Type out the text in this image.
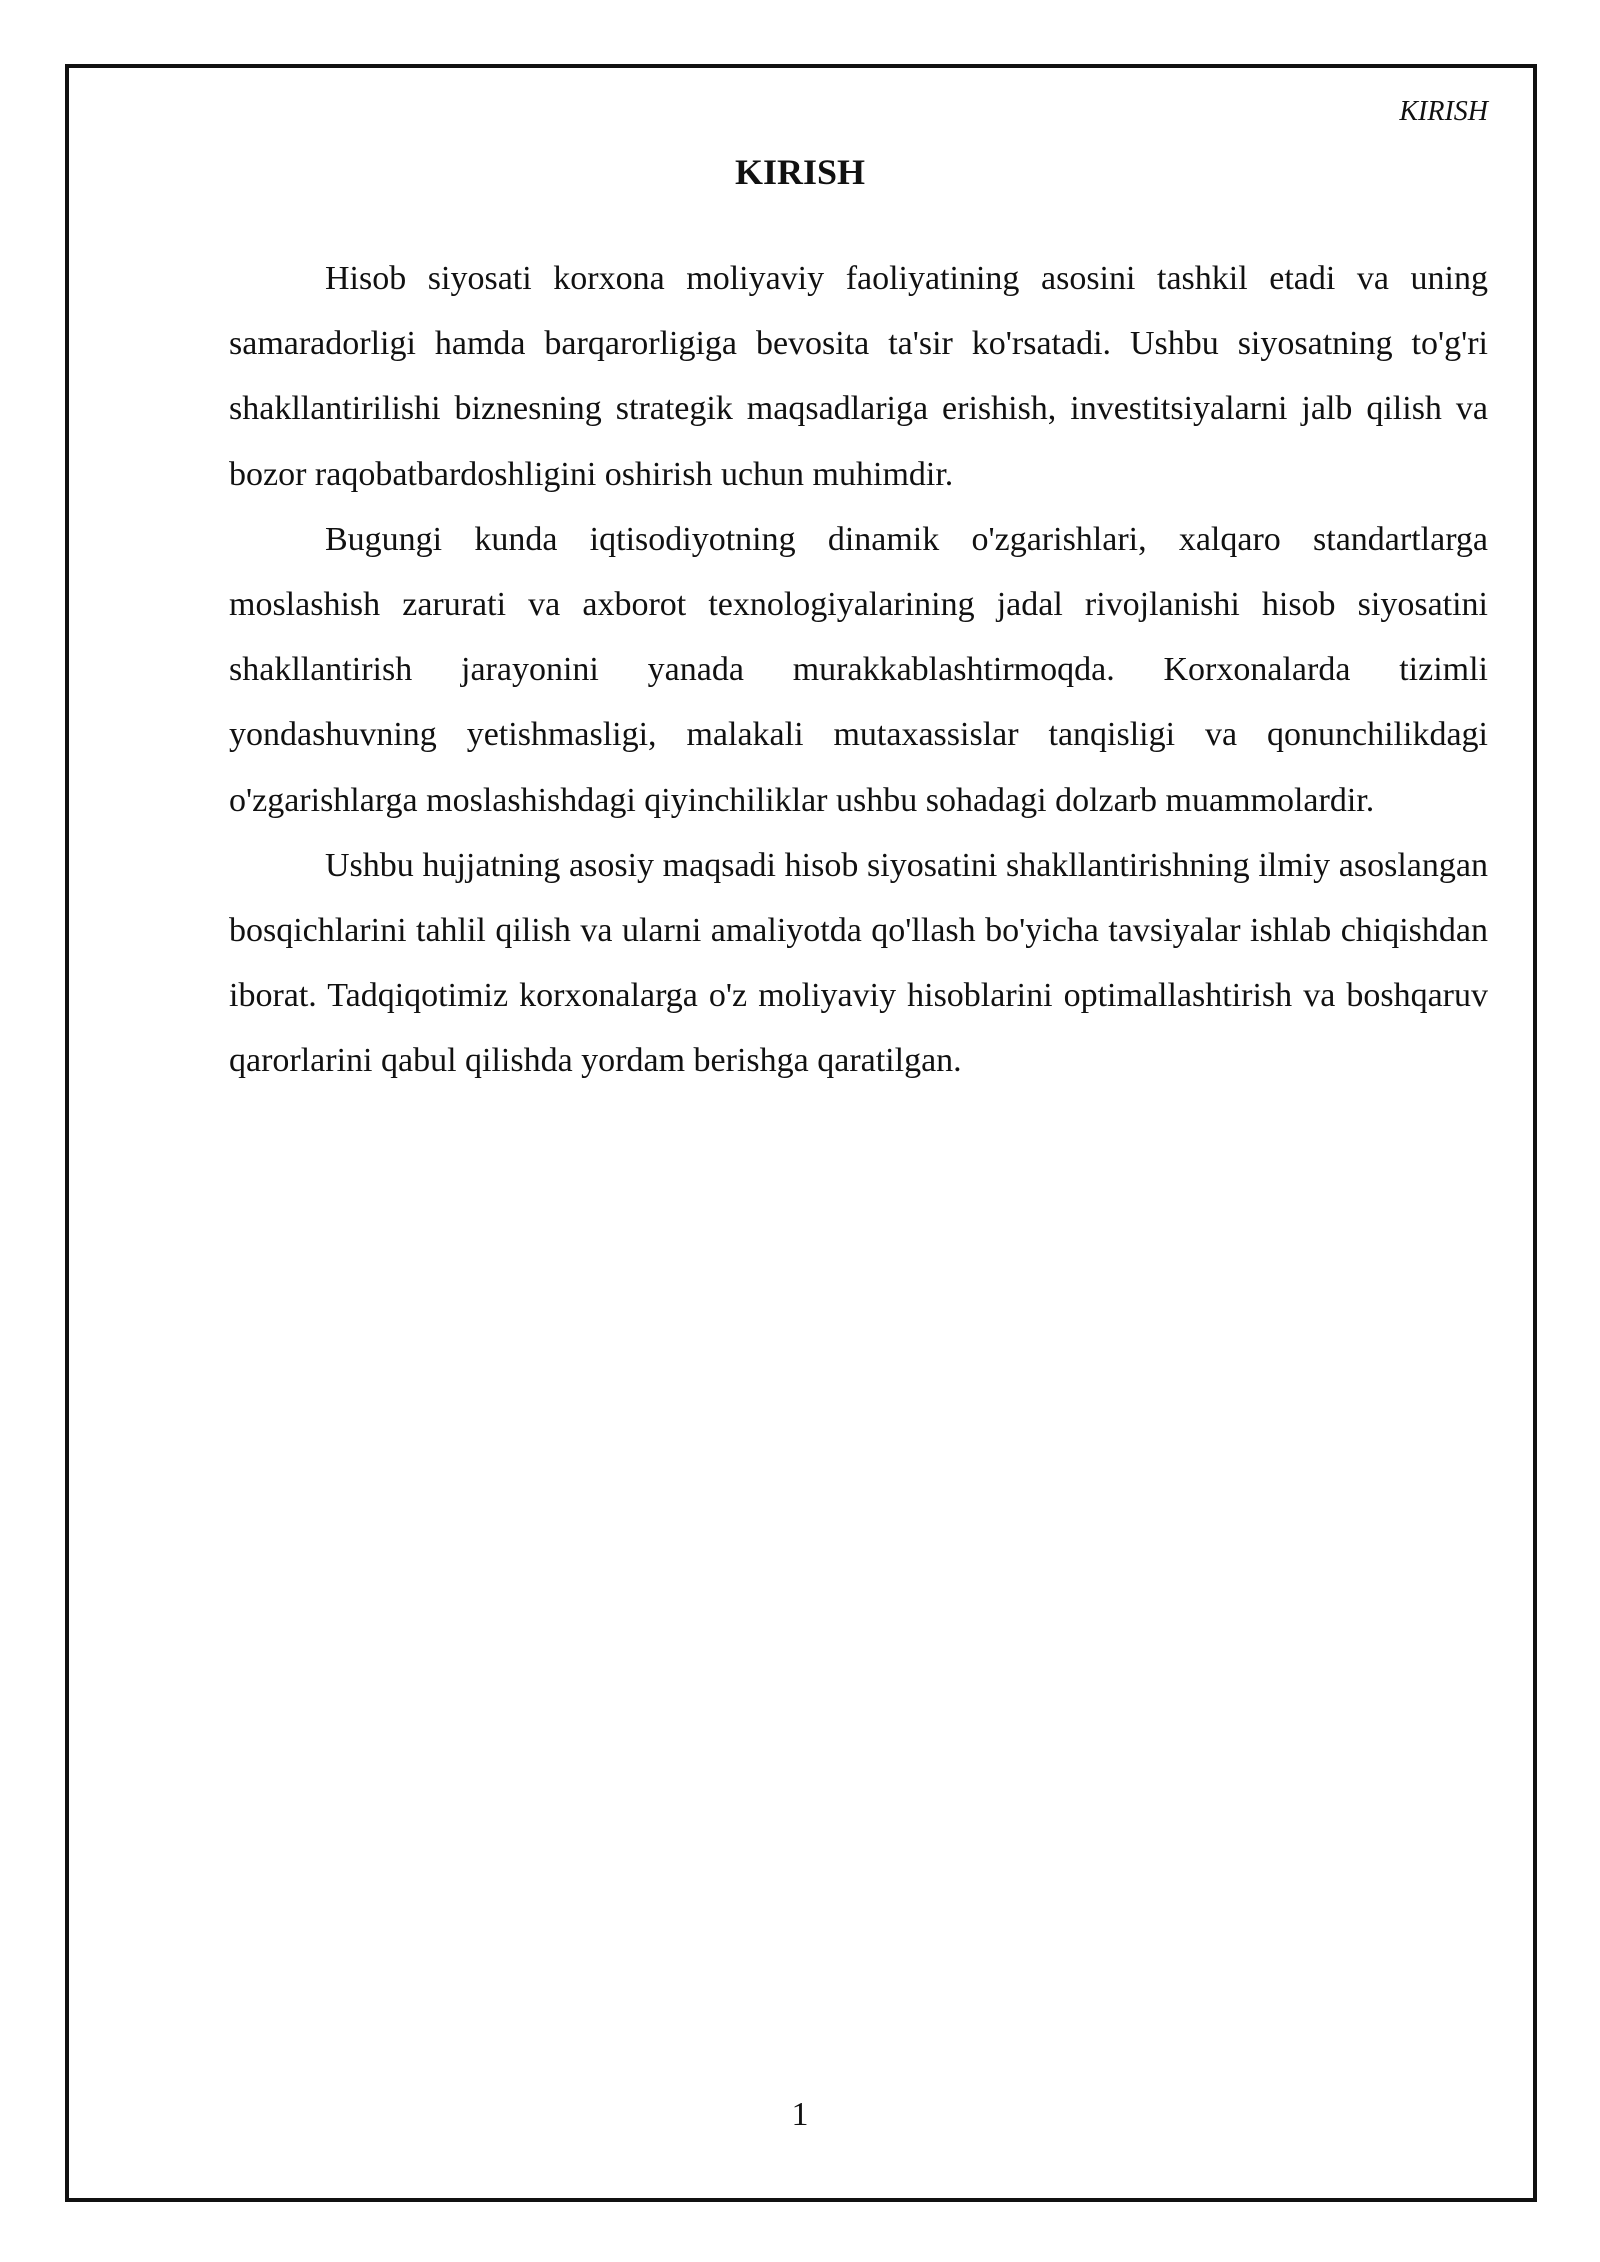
KIRISH
KIRISH

Hisob siyosati korxona moliyaviy faoliyatining asosini tashkil etadi va uning samaradorligi hamda barqarorligiga bevosita ta'sir ko'rsatadi. Ushbu siyosatning to'g'ri shakllantirilishi biznesning strategik maqsadlariga erishish, investitsiyalarni jalb qilish va bozor raqobatbardoshligini oshirish uchun muhimdir.

Bugungi kunda iqtisodiyotning dinamik o'zgarishlari, xalqaro standartlarga moslashish zarurati va axborot texnologiyalarining jadal rivojlanishi hisob siyosatini shakllantirish jarayonini yanada murakkablashtirmoqda. Korxonalarda tizimli yondashuvning yetishmasligi, malakali mutaxassislar tanqisligi va qonunchilikdagi o'zgarishlarga moslashishdagi qiyinchiliklar ushbu sohadagi dolzarb muammolardir.

Ushbu hujjatning asosiy maqsadi hisob siyosatini shakllantirishning ilmiy asoslangan bosqichlarini tahlil qilish va ularni amaliyotda qo'llash bo'yicha tavsiyalar ishlab chiqishdan iborat. Tadqiqotimiz korxonalarga o'z moliyaviy hisoblarini optimallashtirish va boshqaruv qarorlarini qabul qilishda yordam berishga qaratilgan.

1
